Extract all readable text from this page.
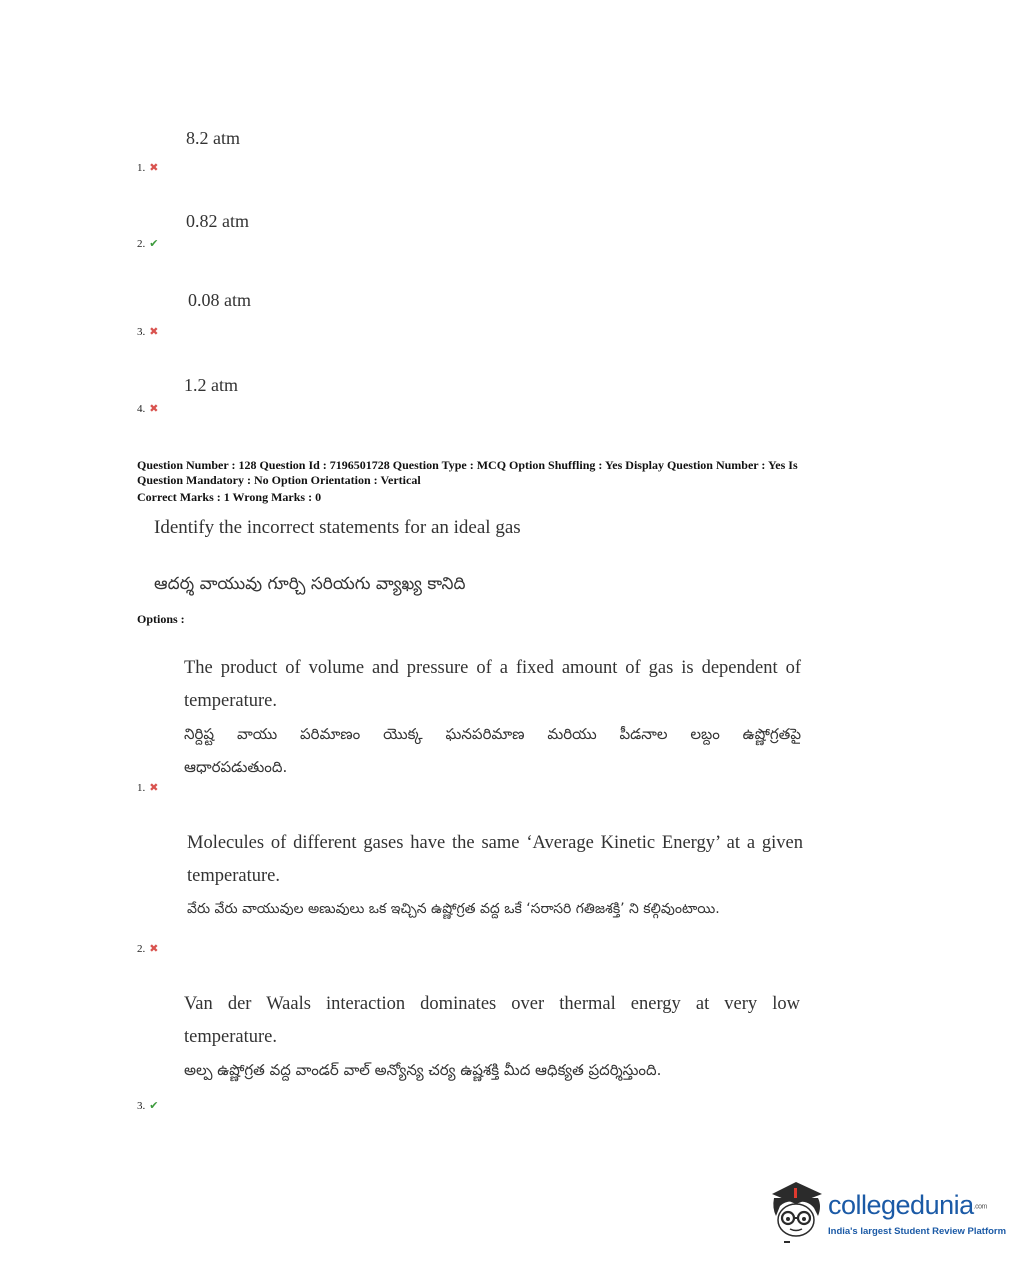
8.2 atm
1. ✖
0.82 atm
2. ✔
0.08 atm
3. ✖
1.2 atm
4. ✖
Question Number : 128 Question Id : 7196501728 Question Type : MCQ Option Shuffling : Yes Display Question Number : Yes Is
Question Mandatory : No Option Orientation : Vertical
Correct Marks : 1 Wrong Marks : 0
Identify the incorrect statements for an ideal gas
ఆదర్శ వాయువు గూర్చి సరియగు వ్యాఖ్య కానిది
Options :
The product of volume and pressure of a fixed amount of gas is dependent of
temperature.
నిర్దిష్ట వాయు పరిమాణం యొక్క ఘనపరిమాణ మరియు పీడనాల లబ్దం ఉష్ణోగ్రతపై
ఆధారపడుతుంది.
1. ✖
Molecules of different gases have the same ‘Average Kinetic Energy’ at a given
temperature.
వేరు వేరు వాయువుల అణువులు ఒక ఇచ్చిన ఉష్ణోగ్రత వద్ద ఒకే ‘సరాసరి గతిజశక్తి’ ని కల్గివుంటాయి.
2. ✖
Van der Waals interaction dominates over thermal energy at very low
temperature.
అల్ప ఉష్ణోగ్రత వద్ద వాండర్ వాల్ అన్యోన్య చర్య ఉష్ణశక్తి మీద ఆధిక్యత ప్రదర్శిస్తుంది.
3. ✔
collegedunia.com
India's largest Student Review Platform
